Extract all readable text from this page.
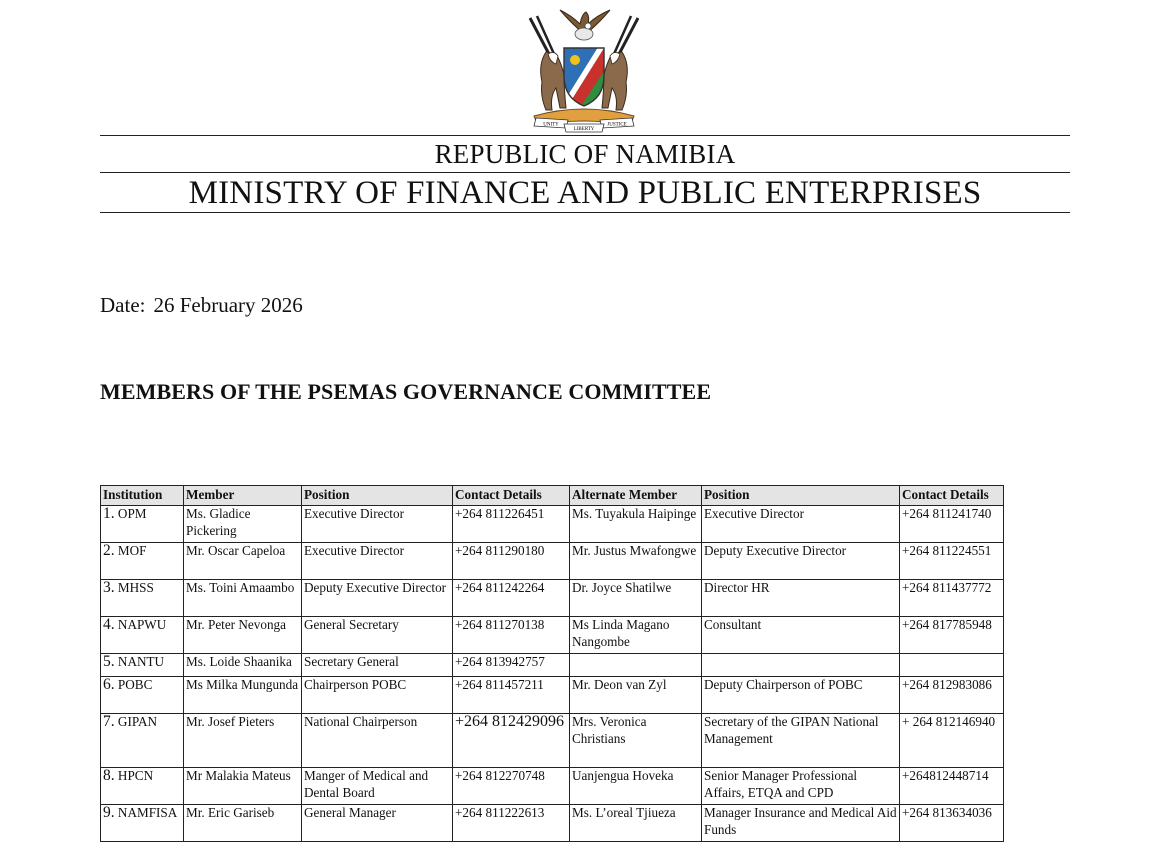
UNITY
LIBERTY
JUSTICE
REPUBLIC OF NAMIBIA
MINISTRY OF FINANCE AND PUBLIC ENTERPRISES
Date: 26 February 2026
MEMBERS OF THE PSEMAS GOVERNANCE COMMITTEE
Institution	Member	Position	Contact Details	Alternate Member	Position	Contact Details
1. OPM	Ms. Gladice Pickering	Executive Director	+264 811226451	Ms. Tuyakula Haipinge	Executive Director	+264 811241740
2. MOF	Mr. Oscar Capeloa	Executive Director	+264 811290180	Mr. Justus Mwafongwe	Deputy Executive Director	+264 811224551
3. MHSS	Ms. Toini Amaambo	Deputy Executive Director	+264 811242264	Dr. Joyce Shatilwe	Director HR	+264 811437772
4. NAPWU	Mr. Peter Nevonga	General Secretary	+264 811270138	Ms Linda Magano Nangombe	Consultant	+264 817785948
5. NANTU	Ms. Loide Shaanika	Secretary General	+264 813942757			
6. POBC	Ms Milka Mungunda	Chairperson POBC	+264 811457211	Mr. Deon van Zyl	Deputy Chairperson of POBC	+264 812983086
7. GIPAN	Mr. Josef Pieters	National Chairperson	+264 812429096	Mrs. Veronica Christians	Secretary of the GIPAN National Management	+ 264 812146940
8. HPCN	Mr Malakia Mateus	Manger of Medical and Dental Board	+264 812270748	Uanjengua Hoveka	Senior Manager Professional Affairs, ETQA and CPD	+264812448714
9. NAMFISA	Mr. Eric Gariseb	General Manager	+264 811222613	Ms. L’oreal Tjiueza	Manager Insurance and Medical Aid Funds	+264 813634036
